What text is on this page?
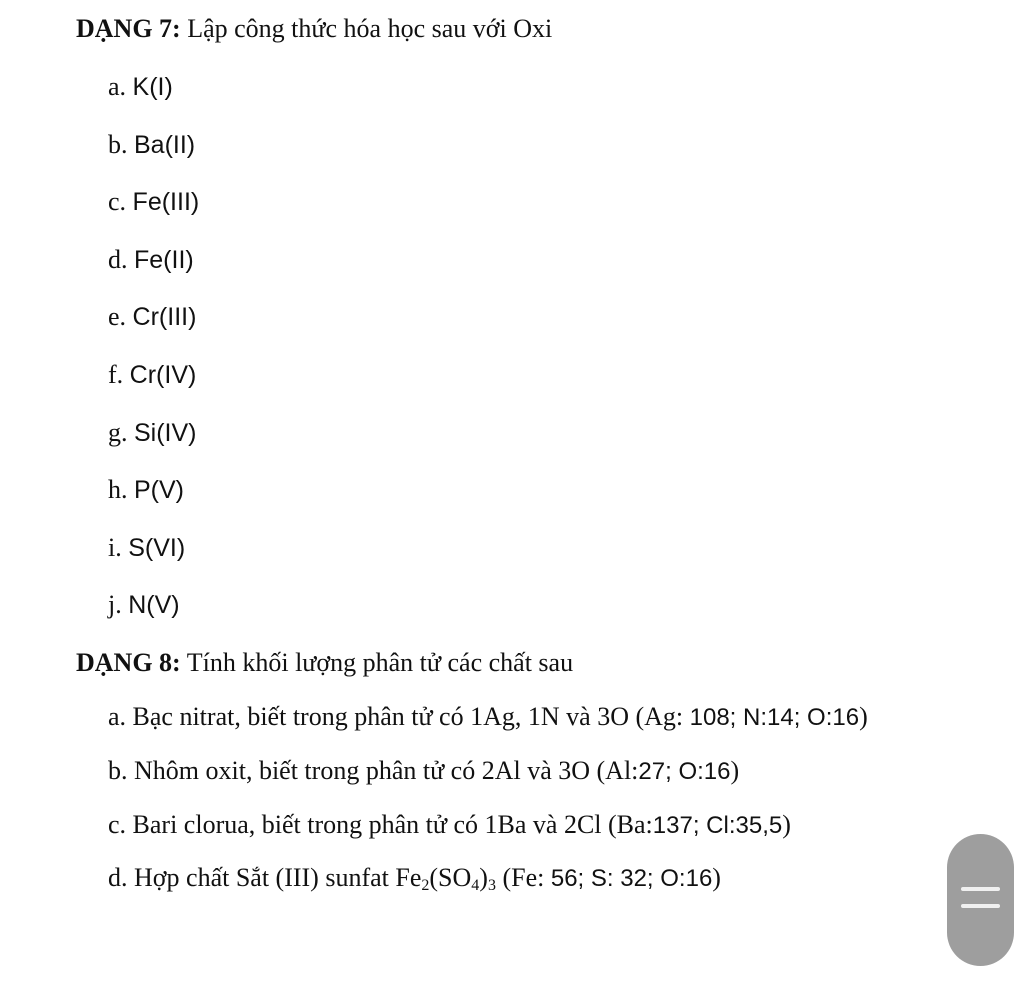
DẠNG 7: Lập công thức hóa học sau với Oxi
a. K(I)
b. Ba(II)
c. Fe(III)
d. Fe(II)
e. Cr(III)
f. Cr(IV)
g. Si(IV)
h. P(V)
i. S(VI)
j. N(V)
DẠNG 8: Tính khối lượng phân tử các chất sau
a. Bạc nitrat, biết trong phân tử có 1Ag, 1N và 3O (Ag: 108; N:14; O:16)
b. Nhôm oxit, biết trong phân tử có 2Al và 3O (Al:27; O:16)
c. Bari clorua, biết trong phân tử có 1Ba và 2Cl (Ba:137; Cl:35,5)
d. Hợp chất Sắt (III) sunfat $Fe_2(SO_4)_3$ (Fe: 56; S: 32; O:16)
